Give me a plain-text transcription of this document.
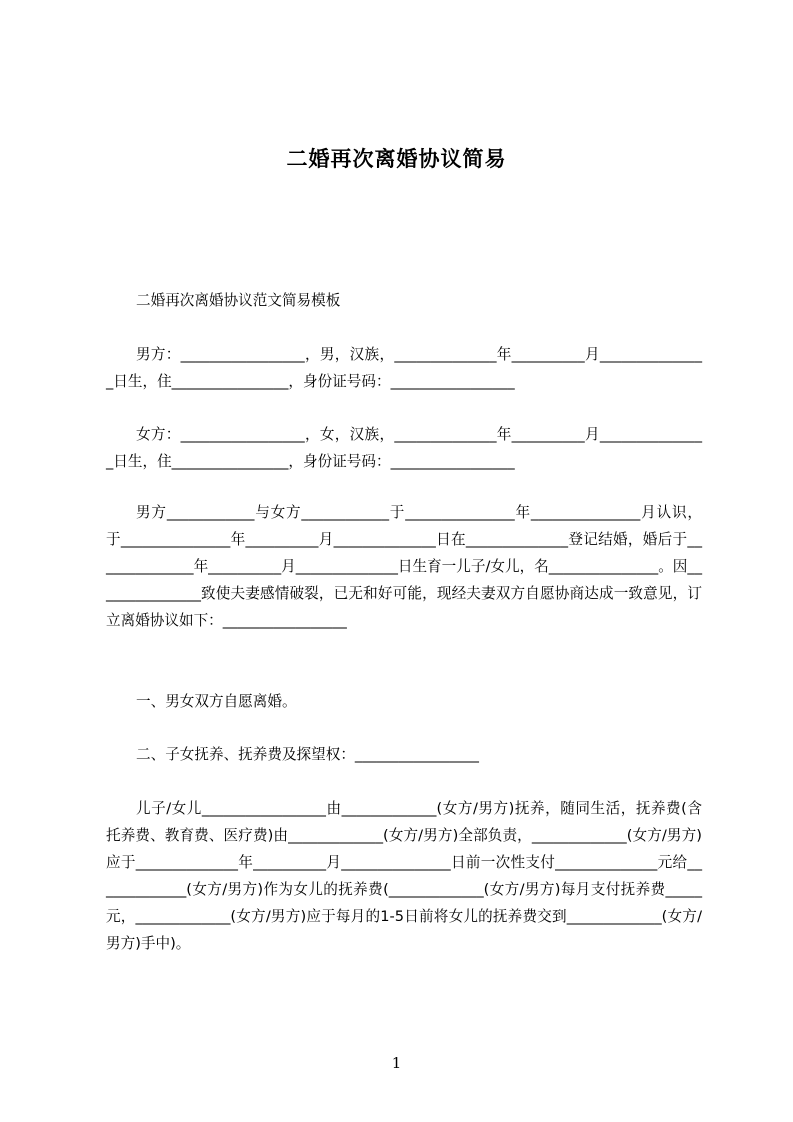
二婚再次离婚协议简易
二婚再次离婚协议范文简易模板
男方：_________________，男，汉族，______________年__________月_______________日生，住________________，身份证号码：_________________
女方：_________________，女，汉族，______________年__________月_______________日生，住________________，身份证号码：_________________
男方____________与女方____________于_______________年_______________月认识，于_______________年__________月______________日在______________登记结婚，婚后于______________年__________月______________日生育一儿子/女儿，名_______________。因_______________致使夫妻感情破裂，已无和好可能，现经夫妻双方自愿协商达成一致意见，订立离婚协议如下：_________________
一、男女双方自愿离婚。
二、子女抚养、抚养费及探望权：_________________
儿子/女儿_________________由_____________(女方/男方)抚养，随同生活，抚养费(含托养费、教育费、医疗费)由_____________(女方/男方)全部负责，_____________(女方/男方)应于______________年__________月_______________日前一次性支付______________元给_____________(女方/男方)作为女儿的抚养费(_____________(女方/男方)每月支付抚养费_____元，_____________(女方/男方)应于每月的1-5日前将女儿的抚养费交到_____________(女方/男方)手中)。
1
